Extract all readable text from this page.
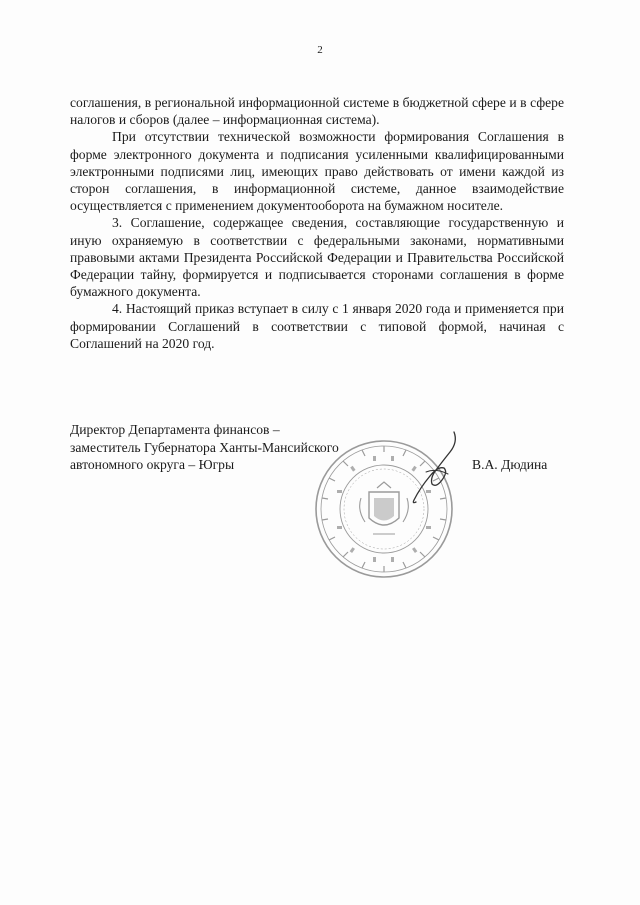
2

соглашения, в региональной информационной системе в бюджетной сфере и в сфере налогов и сборов (далее – информационная система).

При отсутствии технической возможности формирования Соглашения в форме электронного документа и подписания усиленными квалифицированными электронными подписями лиц, имеющих право действовать от имени каждой из сторон соглашения, в информационной системе, данное взаимодействие осуществляется с применением документооборота на бумажном носителе.

3. Соглашение, содержащее сведения, составляющие государственную и иную охраняемую в соответствии с федеральными законами, нормативными правовыми актами Президента Российской Федерации и Правительства Российской Федерации тайну, формируется и подписывается сторонами соглашения в форме бумажного документа.

4. Настоящий приказ вступает в силу с 1 января 2020 года и применяется при формировании Соглашений в соответствии с типовой формой, начиная с Соглашений на 2020 год.

Директор Департамента финансов –
заместитель Губернатора Ханты-Мансийского
автономного округа – Югры	В.А. Дюдина
